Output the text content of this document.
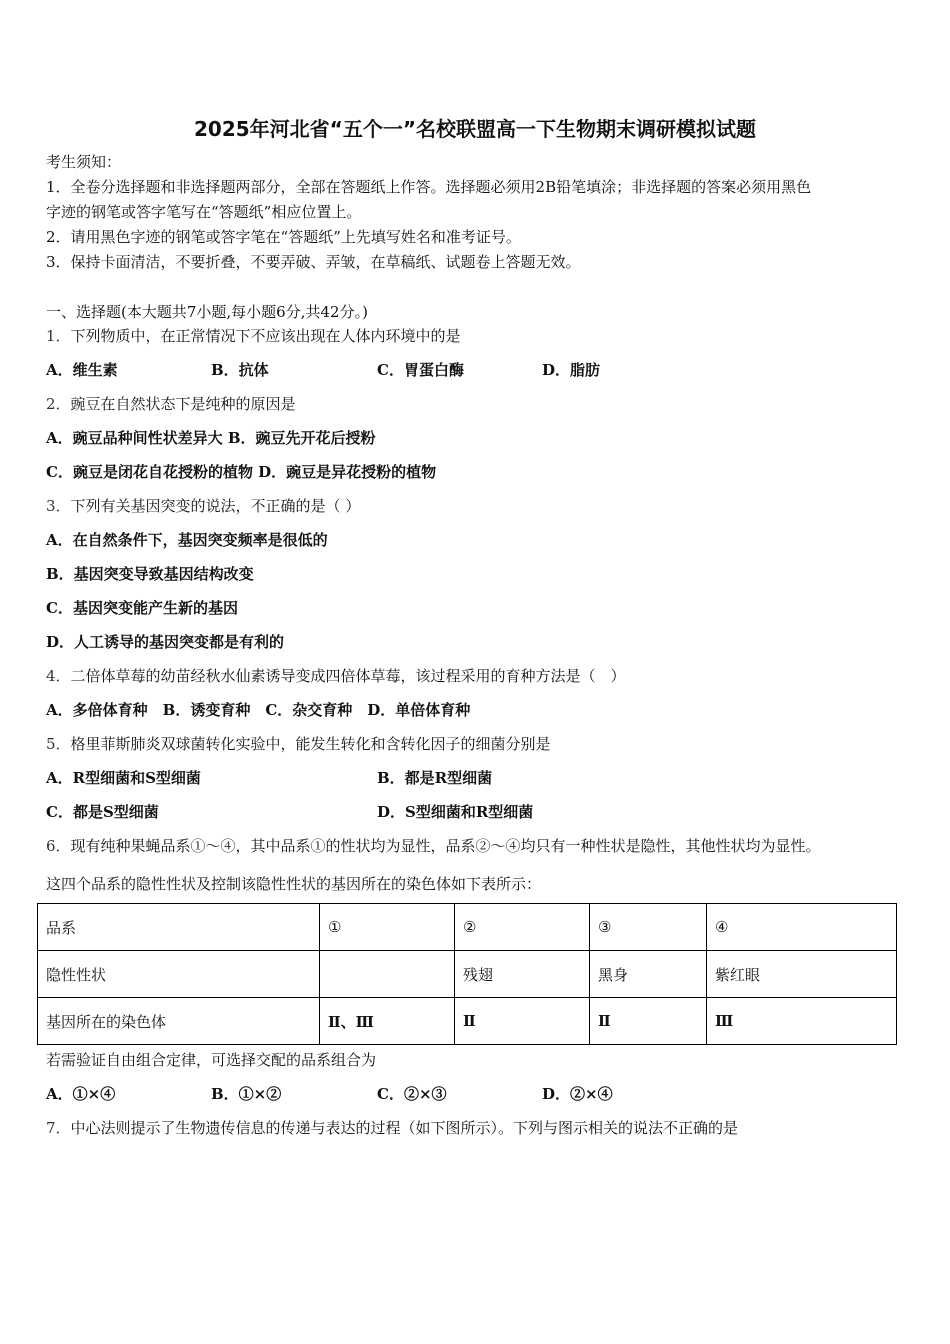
2025年河北省“五个一”名校联盟高一下生物期末调研模拟试题
考生须知：
1．全卷分选择题和非选择题两部分，全部在答题纸上作答。选择题必须用2B铅笔填涂；非选择题的答案必须用黑色
字迹的钢笔或答字笔写在“答题纸”相应位置上。
2．请用黑色字迹的钢笔或答字笔在“答题纸”上先填写姓名和准考证号。
3．保持卡面清洁，不要折叠，不要弄破、弄皱，在草稿纸、试题卷上答题无效。
一、选择题(本大题共7小题,每小题6分,共42分。)
1．下列物质中，在正常情况下不应该出现在人体内环境中的是
A．维生素	B．抗体	C．胃蛋白酶	D．脂肪
2．豌豆在自然状态下是纯种的原因是
A．豌豆品种间性状差异大 B．豌豆先开花后授粉
C．豌豆是闭花自花授粉的植物 D．豌豆是异花授粉的植物
3．下列有关基因突变的说法，不正确的是（ ）
A．在自然条件下，基因突变频率是很低的
B．基因突变导致基因结构改变
C．基因突变能产生新的基因
D．人工诱导的基因突变都是有利的
4．二倍体草莓的幼苗经秋水仙素诱导变成四倍体草莓，该过程采用的育种方法是（　）
A．多倍体育种　B．诱变育种　C．杂交育种　D．单倍体育种
5．格里菲斯肺炎双球菌转化实验中，能发生转化和含转化因子的细菌分别是
A．R型细菌和S型细菌	B．都是R型细菌
C．都是S型细菌	D．S型细菌和R型细菌
6．现有纯种果蝇品系①～④，其中品系①的性状均为显性，品系②～④均只有一种性状是隐性，其他性状均为显性。
这四个品系的隐性性状及控制该隐性性状的基因所在的染色体如下表所示：
品系	①	②	③	④
隐性性状		残翅	黑身	紫红眼
基因所在的染色体	Ⅱ、Ⅲ	Ⅱ	Ⅱ	Ⅲ
若需验证自由组合定律，可选择交配的品系组合为
A．①×④	B．①×②	C．②×③	D．②×④
7．中心法则提示了生物遗传信息的传递与表达的过程（如下图所示）。下列与图示相关的说法不正确的是
